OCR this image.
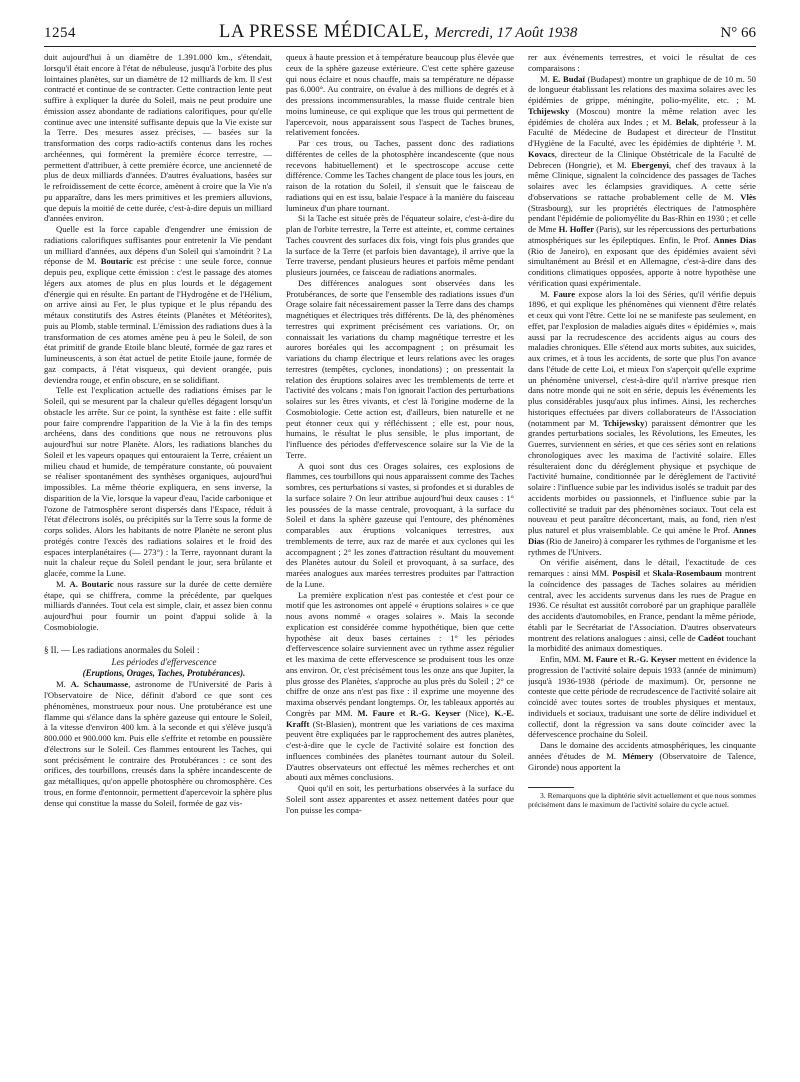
1254	LA PRESSE MÉDICALE, Mercredi, 17 Août 1938	N° 66

duit aujourd'hui à un diamètre de 1.391.000 km., s'étendait, lorsqu'il était encore à l'état de nébuleuse, jusqu'à l'orbite des plus lointaines planètes, sur un diamètre de 12 milliards de km. Il s'est contracté et continue de se contracter. Cette contraction lente peut suffire à expliquer la durée du Soleil, mais ne peut produire une émission assez abondante de radiations calorifiques, pour qu'elle continue avec une intensité suffisante depuis que la Vie existe sur la Terre. Des mesures assez précises, — basées sur la transformation des corps radio-actifs contenus dans les roches archéennes, qui formèrent la première écorce terrestre, — permettent d'attribuer, à cette première écorce, une ancienneté de plus de deux milliards d'années. D'autres évaluations, basées sur le refroidissement de cette écorce, amènent à croire que la Vie n'a pu apparaître, dans les mers primitives et les premiers alluvions, que depuis la moitié de cette durée, c'est-à-dire depuis un milliard d'années environ.

Quelle est la force capable d'engendrer une émission de radiations calorifiques suffisantes pour entretenir la Vie pendant un milliard d'années, aux dépens d'un Soleil qui s'amoindrit ? La réponse de M. Boutaric est précise : une seule force, connue depuis peu, explique cette émission : c'est le passage des atomes légers aux atomes de plus en plus lourds et le dégagement d'énergie qui en résulte. En partant de l'Hydrogène et de l'Hélium, on arrive ainsi au Fer, le plus typique et le plus répandu des métaux constitutifs des Astres éteints (Planètes et Météorites), puis au Plomb, stable terminal. L'émission des radiations dues à la transformation de ces atomes amène peu à peu le Soleil, de son état primitif de grande Etoile blanc bleuté, formée de gaz rares et lumineuscents, à son état actuel de petite Etoile jaune, formée de gaz compacts, à l'état visqueux, qui devient orangée, puis deviendra rouge, et enfin obscure, en se solidifiant.

Telle est l'explication actuelle des radiations émises par le Soleil, qui se mesurent par la chaleur qu'elles dégagent lorsqu'un obstacle les arrête. Sur ce point, la synthèse est faite : elle suffit pour faire comprendre l'apparition de la Vie à la fin des temps archéens, dans des conditions que nous ne retrouvons plus aujourd'hui sur notre Planète. Alors, les radiations blanches du Soleil et les vapeurs opaques qui entouraient la Terre, créaient un milieu chaud et humide, de température constante, où pouvaient se réaliser spontanément des synthèses organiques, aujourd'hui impossibles. La même théorie expliquera, en sens inverse, la disparition de la Vie, lorsque la vapeur d'eau, l'acide carbonique et l'ozone de l'atmosphère seront dispersés dans l'Espace, réduit à l'état d'électrons isolés, ou précipités sur la Terre sous la forme de corps solides. Alors les habitants de notre Planète ne seront plus protégés contre l'excès des radiations solaires et le froid des espaces interplanétaires (— 273°) : la Terre, rayonnant durant la nuit la chaleur reçue du Soleil pendant le jour, sera brûlante et glacée, comme la Lune.

M. A. Boutaric nous rassure sur la durée de cette dernière étape, qui se chiffrera, comme la précédente, par quelques milliards d'années. Tout cela est simple, clair, et assez bien connu aujourd'hui pour fournir un point d'appui solide à la Cosmobiologie.

§ II. — Les radiations anormales du Soleil :

Les périodes d'effervescence

(Eruptions, Orages, Taches, Protubérances).

M. A. Schaumasse, astronome de l'Université de Paris à l'Observatoire de Nice, définit d'abord ce que sont ces phénomènes, monstrueux pour nous. Une protubérance est une flamme qui s'élance dans la sphère gazeuse qui entoure le Soleil, à la vitesse d'environ 400 km. à la seconde et qui s'élève jusqu'à 800.000 et 900.000 km. Puis elle s'effrite et retombe en poussière d'électrons sur le Soleil. Ces flammes entourent les Taches, qui sont précisément le contraire des Protubérances : ce sont des orifices, des tourbillons, creusés dans la sphère incandescente de gaz métalliques, qu'on appelle photosphère ou chromosphère. Ces trous, en forme d'entonnoir, permettent d'apercevoir la sphère plus dense qui constitue la masse du Soleil, formée de gaz vis-

queux à haute pression et à température beaucoup plus élevée que ceux de la sphère gazeuse extérieure. C'est cette sphère gazeuse qui nous éclaire et nous chauffe, mais sa température ne dépasse pas 6.000°. Au contraire, on évalue à des millions de degrés et à des pressions incommensurables, la masse fluide centrale bien moins lumineuse, ce qui explique que les trous qui permettent de l'apercevoir, nous apparaissent sous l'aspect de Taches brunes, relativement foncées.

Par ces trous, ou Taches, passent donc des radiations différentes de celles de la photosphère incandescente (que nous recevons habituellement) et le spectroscope accuse cette différence. Comme les Taches changent de place tous les jours, en raison de la rotation du Soleil, il s'ensuit que le faisceau de radiations qui en est issu, balaie l'espace à la manière du faisceau lumineux d'un phare tournant.

Si la Tache est située près de l'équateur solaire, c'est-à-dire du plan de l'orbite terrestre, la Terre est atteinte, et, comme certaines Taches couvrent des surfaces dix fois, vingt fois plus grandes que la surface de la Terre (et parfois bien davantage), il arrive que la Terre traverse, pendant plusieurs heures et parfois même pendant plusieurs journées, ce faisceau de radiations anormales.

Des différences analogues sont observées dans les Protubérances, de sorte que l'ensemble des radiations issues d'un Orage solaire fait nécessairement passer la Terre dans des champs magnétiques et électriques très différents. De là, des phénomènes terrestres qui expriment précisément ces variations. Or, on connaissait les variations du champ magnétique terrestre et les aurores boréales qui les accompagnent ; on présumait les variations du champ électrique et leurs relations avec les orages terrestres (tempêtes, cyclones, inondations) ; on pressentait la relation des éruptions solaires avec les tremblements de terre et l'activité des volcans ; mais l'on ignorait l'action des perturbations solaires sur les êtres vivants, et c'est là l'origine moderne de la Cosmobiologie. Cette action est, d'ailleurs, bien naturelle et ne peut étonner ceux qui y réfléchissent ; elle est, pour nous, humains, le résultat le plus sensible, le plus important, de l'influence des périodes d'effervescence solaire sur la Vie de la Terre.

A quoi sont dus ces Orages solaires, ces explosions de flammes, ces tourbillons qui nous apparaissent comme des Taches sombres, ces perturbations si vastes, si profondes et si durables de la surface solaire ? On leur attribue aujourd'hui deux causes : 1° les poussées de la masse centrale, provoquant, à la surface du Soleil et dans la sphère gazeuse qui l'entoure, des phénomènes comparables aux éruptions volcaniques terrestres, aux tremblements de terre, aux raz de marée et aux cyclones qui les accompagnent ; 2° les zones d'attraction résultant du mouvement des Planètes autour du Soleil et provoquant, à sa surface, des marées analogues aux marées terrestres produites par l'attraction de la Lune.

La première explication n'est pas contestée et c'est pour ce motif que les astronomes ont appelé « éruptions solaires » ce que nous avons nommé « orages solaires ». Mais la seconde explication est considérée comme hypothétique, bien que cette hypothèse ait deux bases certaines : 1° les périodes d'effervescence solaire surviennent avec un rythme assez régulier et les maxima de cette effervescence se produisent tous les onze ans environ. Or, c'est précisément tous les onze ans que Jupiter, la plus grosse des Planètes, s'approche au plus près du Soleil ; 2° ce chiffre de onze ans n'est pas fixe : il exprime une moyenne des maxima observés pendant longtemps. Or, les tableaux apportés au Congrès par MM. M. Faure et R.-G. Keyser (Nice), K.-E. Krafft (St-Blasien), montrent que les variations de ces maxima peuvent être expliquées par le rapprochement des autres planètes, c'est-à-dire que le cycle de l'activité solaire est fonction des influences combinées des planètes tournant autour du Soleil. D'autres observateurs ont effectué les mêmes recherches et ont abouti aux mêmes conclusions.

Quoi qu'il en soit, les perturbations observées à la surface du Soleil sont assez apparentes et assez nettement datées pour que l'on puisse les compa-

rer aux événements terrestres, et voici le résultat de ces comparaisons :

M. E. Budaï (Budapest) montre un graphique de de 10 m. 50 de longueur établissant les relations des maxima solaires avec les épidémies de grippe, méningite, polio-myélite, etc. ; M. Tchijewsky (Moscou) montre la même relation avec les épidémies de choléra aux Indes ; et M. Belak, professeur à la Faculté de Médecine de Budapest et directeur de l'Institut d'Hygiène de la Faculté, avec les épidémies de diphtérie ³. M. Kovacs, directeur de la Clinique Obstétricale de la Faculté de Debrecen (Hongrie), et M. Ebergenyi, chef des travaux à la même Clinique, signalent la coïncidence des passages de Taches solaires avec les éclampsies gravidiques. A cette série d'observations se rattache probablement celle de M. Vlès (Strasbourg), sur les propriétés électriques de l'atmosphère pendant l'épidémie de poliomyélite du Bas-Rhin en 1930 ; et celle de Mme H. Hoffer (Paris), sur les répercussions des perturbations atmosphériques sur les épileptiques. Enfin, le Prof. Annes Dias (Rio de Janeiro), en exposant que des épidémies avaient sévi simultanément au Brésil et en Allemagne, c'est-à-dire dans des conditions climatiques opposées, apporte à notre hypothèse une vérification quasi expérimentale.

M. Faure expose alors la loi des Séries, qu'il vérifie depuis 1896, et qui explique les phénomènes qui viennent d'être relatés et ceux qui vont l'être. Cette loi ne se manifeste pas seulement, en effet, par l'explosion de maladies aiguës dites « épidémies », mais aussi par la recrudescence des accidents aigus au cours des maladies chroniques. Elle s'étend aux morts subites, aux suicides, aux crimes, et à tous les accidents, de sorte que plus l'on avance dans l'étude de cette Loi, et mieux l'on s'aperçoit qu'elle exprime un phénomène universel, c'est-à-dire qu'il n'arrive presque rien dans notre monde qui ne soit en série, depuis les événements les plus considérables jusqu'aux plus infimes. Ainsi, les recherches historiques effectuées par divers collaborateurs de l'Association (notamment par M. Tchijewsky) paraissent démontrer que les grandes perturbations sociales, les Révolutions, les Emeutes, les Guerres, surviennent en séries, et que ces séries sont en relations chronologiques avec les maxima de l'activité solaire. Elles résulteraient donc du déréglement physique et psychique de l'activité humaine, conditionnée par le dérèglement de l'activité solaire : l'influence subie par les individus isolés se traduit par des accidents morbides ou passionnels, et l'influence subie par la collectivité se traduit par des phénomènes sociaux. Tout cela est nouveau et peut paraître déconcertant, mais, au fond, rien n'est plus naturel et plus vraisemblable. Ce qui amène le Prof. Annes Dias (Rio de Janeiro) à comparer les rythmes de l'organisme et les rythmes de l'Univers.

On vérifie aisément, dans le détail, l'exactitude de ces remarques : ainsi MM. Pospisil et Skala-Rosembaum montrent la coïncidence des passages de Taches solaires au méridien central, avec les accidents survenus dans les rues de Prague en 1936. Ce résultat est aussitôt corroboré par un graphique parallèle des accidents d'automobiles, en France, pendant la même période, établi par le Secrétariat de l'Association. D'autres observateurs montrent des relations analogues : ainsi, celle de Cadéot touchant la morbidité des animaux domestiques.

Enfin, MM. M. Faure et R.-G. Keyser mettent en évidence la progression de l'activité solaire depuis 1933 (année de minimum) jusqu'à 1936-1938 (période de maximum). Or, personne ne conteste que cette période de recrudescence de l'activité solaire ait coïncidé avec toutes sortes de troubles physiques et mentaux, individuels et sociaux, traduisant une sorte de délire individuel et collectif, dont la régression va sans doute coïncider avec la défervescence prochaine du Soleil.

Dans le domaine des accidents atmosphériques, les cinquante années d'études de M. Mémery (Observatoire de Talence, Gironde) nous apportent la

3. Remarquons que la diphtérie sévit actuellement et que nous sommes précisément dans le maximum de l'activité solaire du cycle actuel.
